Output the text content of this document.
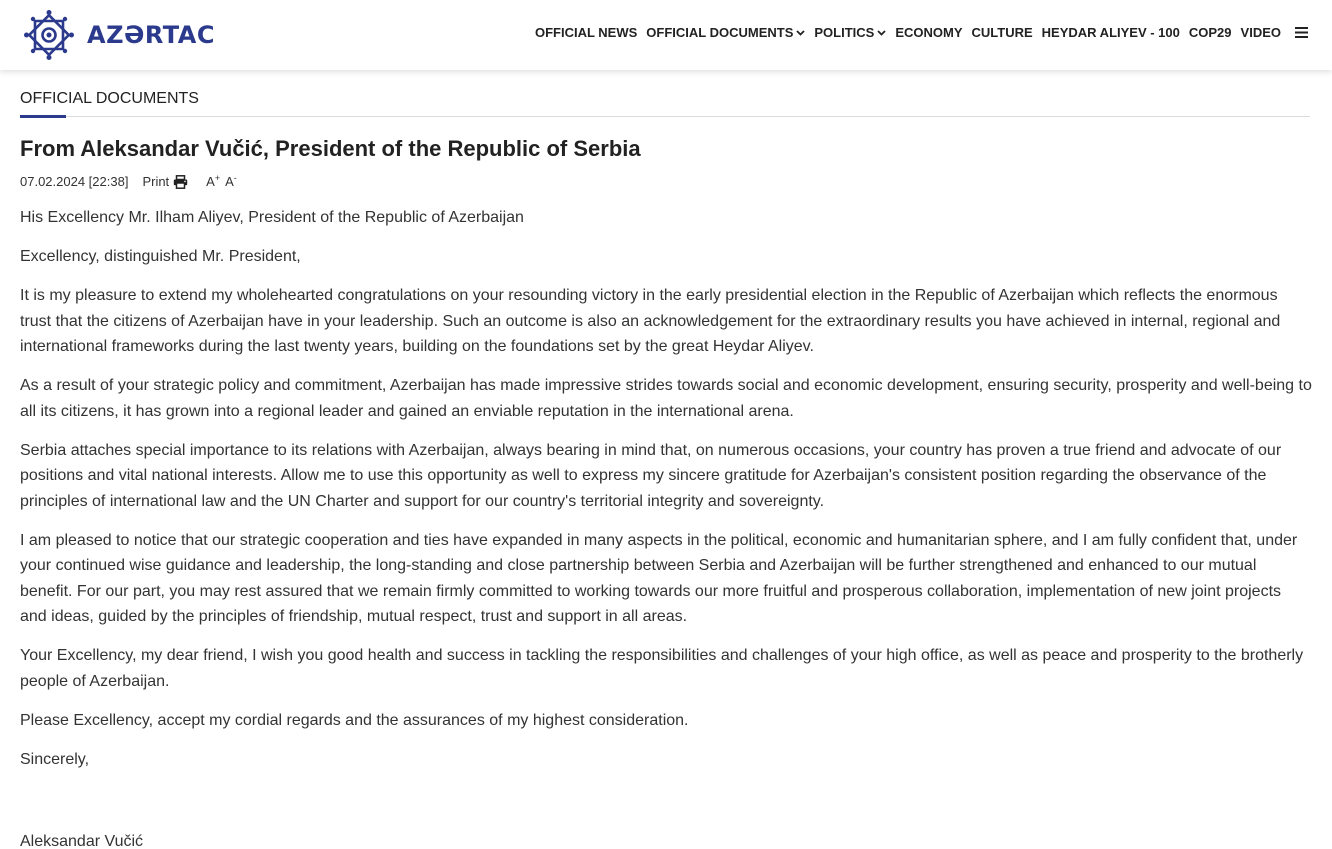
AZƏRTAC	OFFICIAL NEWS OFFICIAL DOCUMENTS POLITICS ECONOMY CULTURE HEYDAR ALIYEV - 100 COP29 VIDEO
OFFICIAL DOCUMENTS
From Aleksandar Vučić, President of the Republic of Serbia
07.02.2024 [22:38] Print	A+ A-

His Excellency Mr. Ilham Aliyev, President of the Republic of Azerbaijan

Excellency, distinguished Mr. President,

It is my pleasure to extend my wholehearted congratulations on your resounding victory in the early presidential election in the Republic of Azerbaijan which reflects the enormous trust that the citizens of Azerbaijan have in your leadership. Such an outcome is also an acknowledgement for the extraordinary results you have achieved in internal, regional and international frameworks during the last twenty years, building on the foundations set by the great Heydar Aliyev.

As a result of your strategic policy and commitment, Azerbaijan has made impressive strides towards social and economic development, ensuring security, prosperity and well-being to all its citizens, it has grown into a regional leader and gained an enviable reputation in the international arena.

Serbia attaches special importance to its relations with Azerbaijan, always bearing in mind that, on numerous occasions, your country has proven a true friend and advocate of our positions and vital national interests. Allow me to use this opportunity as well to express my sincere gratitude for Azerbaijan's consistent position regarding the observance of the principles of international law and the UN Charter and support for our country's territorial integrity and sovereignty.

I am pleased to notice that our strategic cooperation and ties have expanded in many aspects in the political, economic and humanitarian sphere, and I am fully confident that, under your continued wise guidance and leadership, the long-standing and close partnership between Serbia and Azerbaijan will be further strengthened and enhanced to our mutual benefit. For our part, you may rest assured that we remain firmly committed to working towards our more fruitful and prosperous collaboration, implementation of new joint projects and ideas, guided by the principles of friendship, mutual respect, trust and support in all areas.

Your Excellency, my dear friend, I wish you good health and success in tackling the responsibilities and challenges of your high office, as well as peace and prosperity to the brotherly people of Azerbaijan.

Please Excellency, accept my cordial regards and the assurances of my highest consideration.

Sincerely,

Aleksandar Vučić
